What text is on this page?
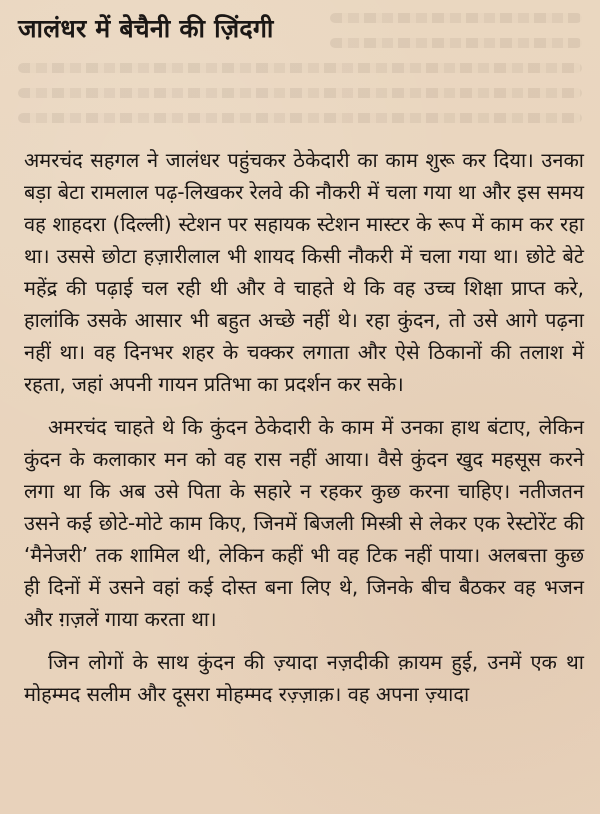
जालंधर में बेचैनी की ज़िंदगी

अमरचंद सहगल ने जालंधर पहुंचकर ठेकेदारी का काम शुरू कर दिया। उनका बड़ा बेटा रामलाल पढ़-लिखकर रेलवे की नौकरी में चला गया था और इस समय वह शाहदरा (दिल्ली) स्टेशन पर सहायक स्टेशन मास्टर के रूप में काम कर रहा था। उससे छोटा हज़ारीलाल भी शायद किसी नौकरी में चला गया था। छोटे बेटे महेंद्र की पढ़ाई चल रही थी और वे चाहते थे कि वह उच्च शिक्षा प्राप्त करे, हालांकि उसके आसार भी बहुत अच्छे नहीं थे। रहा कुंदन, तो उसे आगे पढ़ना नहीं था। वह दिनभर शहर के चक्कर लगाता और ऐसे ठिकानों की तलाश में रहता, जहां अपनी गायन प्रतिभा का प्रदर्शन कर सके।

अमरचंद चाहते थे कि कुंदन ठेकेदारी के काम में उनका हाथ बंटाए, लेकिन कुंदन के कलाकार मन को वह रास नहीं आया। वैसे कुंदन खुद महसूस करने लगा था कि अब उसे पिता के सहारे न रहकर कुछ करना चाहिए। नतीजतन उसने कई छोटे-मोटे काम किए, जिनमें बिजली मिस्त्री से लेकर एक रेस्टोरेंट की ‘मैनेजरी’ तक शामिल थी, लेकिन कहीं भी वह टिक नहीं पाया। अलबत्ता कुछ ही दिनों में उसने वहां कई दोस्त बना लिए थे, जिनके बीच बैठकर वह भजन और ग़ज़लें गाया करता था।

जिन लोगों के साथ कुंदन की ज़्यादा नज़दीकी क़ायम हुई, उनमें एक था मोहम्मद सलीम और दूसरा मोहम्मद रज़्ज़ाक़। वह अपना ज़्यादा
